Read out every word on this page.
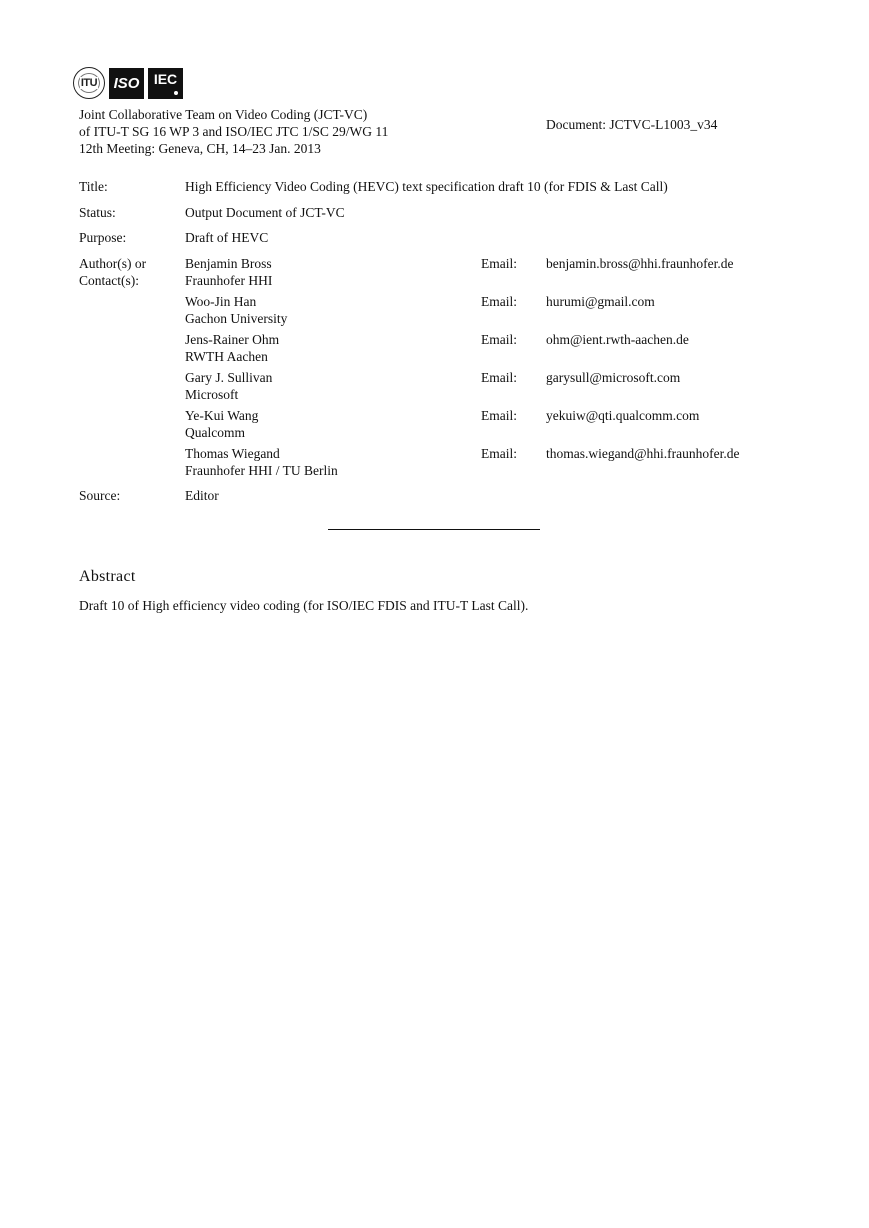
ITU	ISO	IEC
Joint Collaborative Team on Video Coding (JCT-VC)
of ITU-T SG 16 WP 3 and ISO/IEC JTC 1/SC 29/WG 11
12th Meeting: Geneva, CH, 14–23 Jan. 2013
Document: JCTVC-L1003_v34
Title:	High Efficiency Video Coding (HEVC) text specification draft 10 (for FDIS & Last Call)
Status:	Output Document of JCT-VC
Purpose:	Draft of HEVC
Author(s) or
Contact(s):
Benjamin Bross
Fraunhofer HHI
Email: benjamin.bross@hhi.fraunhofer.de
Woo-Jin Han
Gachon University
Email: hurumi@gmail.com
Jens-Rainer Ohm
RWTH Aachen
Email: ohm@ient.rwth-aachen.de
Gary J. Sullivan
Microsoft
Email: garysull@microsoft.com
Ye-Kui Wang
Qualcomm
Email: yekuiw@qti.qualcomm.com
Thomas Wiegand
Fraunhofer HHI / TU Berlin
Email: thomas.wiegand@hhi.fraunhofer.de
Source:	Editor
Abstract
Draft 10 of High efficiency video coding (for ISO/IEC FDIS and ITU-T Last Call).
